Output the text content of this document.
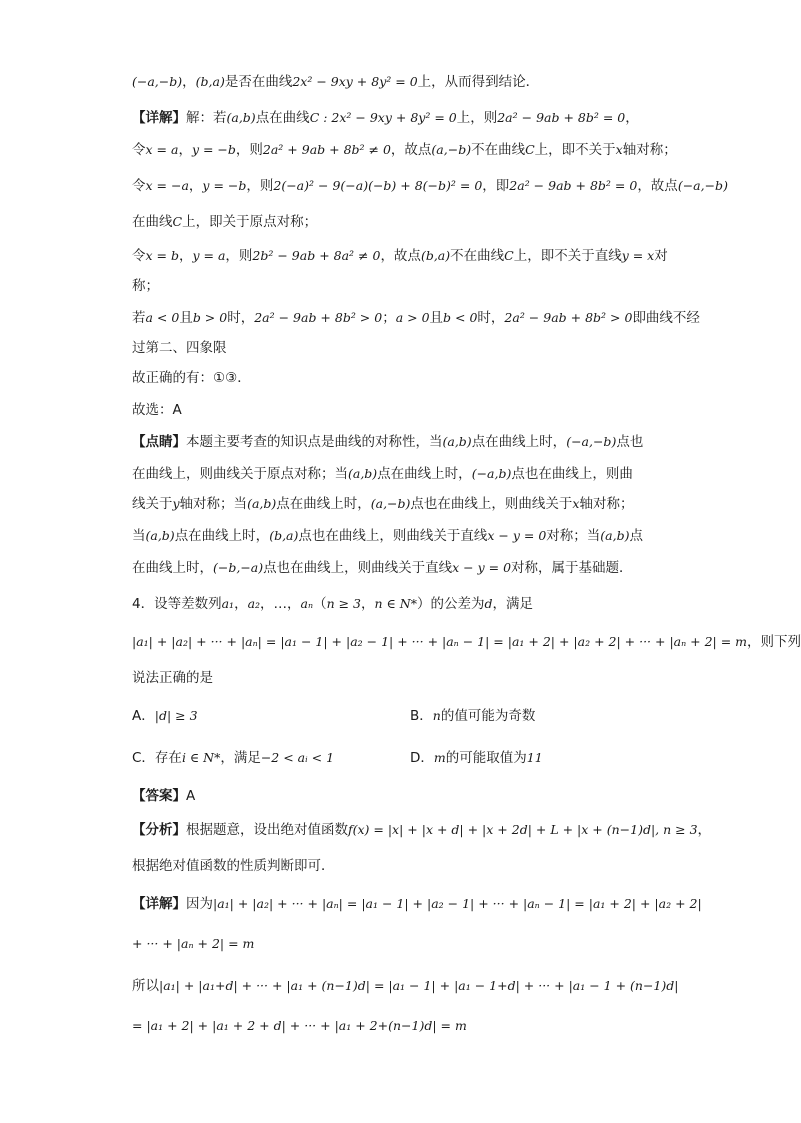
(−a,−b)，(b,a)是否在曲线2x² − 9xy + 8y² = 0上，从而得到结论．
【详解】解：若(a,b)点在曲线C : 2x² − 9xy + 8y² = 0上，则2a² − 9ab + 8b² = 0，
令x = a，y = −b，则2a² + 9ab + 8b² ≠ 0，故点(a,−b)不在曲线C上，即不关于x轴对称；
令x = −a，y = −b，则2(−a)² − 9(−a)(−b) + 8(−b)² = 0，即2a² − 9ab + 8b² = 0，故点(−a,−b)
在曲线C上，即关于原点对称；
令x = b，y = a，则2b² − 9ab + 8a² ≠ 0，故点(b,a)不在曲线C上，即不关于直线y = x对
称；
若a < 0且b > 0时，2a² − 9ab + 8b² > 0；a > 0且b < 0时，2a² − 9ab + 8b² > 0即曲线不经
过第二、四象限
故正确的有：①③．
故选：A
【点睛】本题主要考查的知识点是曲线的对称性，当(a,b)点在曲线上时，(−a,−b)点也
在曲线上，则曲线关于原点对称；当(a,b)点在曲线上时，(−a,b)点也在曲线上，则曲
线关于y轴对称；当(a,b)点在曲线上时，(a,−b)点也在曲线上，则曲线关于x轴对称；
当(a,b)点在曲线上时，(b,a)点也在曲线上，则曲线关于直线x − y = 0对称；当(a,b)点
在曲线上时，(−b,−a)点也在曲线上，则曲线关于直线x − y = 0对称，属于基础题．
4．设等差数列a₁，a₂，…，aₙ（n ≥ 3，n ∈ N*）的公差为d，满足
|a₁| + |a₂| + ··· + |aₙ| = |a₁ − 1| + |a₂ − 1| + ··· + |aₙ − 1| = |a₁ + 2| + |a₂ + 2| + ··· + |aₙ + 2| = m，则下列
说法正确的是
【答案】A
【分析】根据题意，设出绝对值函数f(x) = |x| + |x + d| + |x + 2d| + L + |x + (n−1)d|, n ≥ 3，
根据绝对值函数的性质判断即可．
【详解】因为|a₁| + |a₂| + ··· + |aₙ| = |a₁ − 1| + |a₂ − 1| + ··· + |aₙ − 1| = |a₁ + 2| + |a₂ + 2|
+ ··· + |aₙ + 2| = m
所以|a₁| + |a₁+d| + ··· + |a₁ + (n−1)d| = |a₁ − 1| + |a₁ − 1+d| + ··· + |a₁ − 1 + (n−1)d|
= |a₁ + 2| + |a₁ + 2 + d| + ··· + |a₁ + 2+(n−1)d| = m
A．|d| ≥ 3	B．n的值可能为奇数
C．存在i ∈ N*，满足−2 < aᵢ < 1	D．m的可能取值为11
